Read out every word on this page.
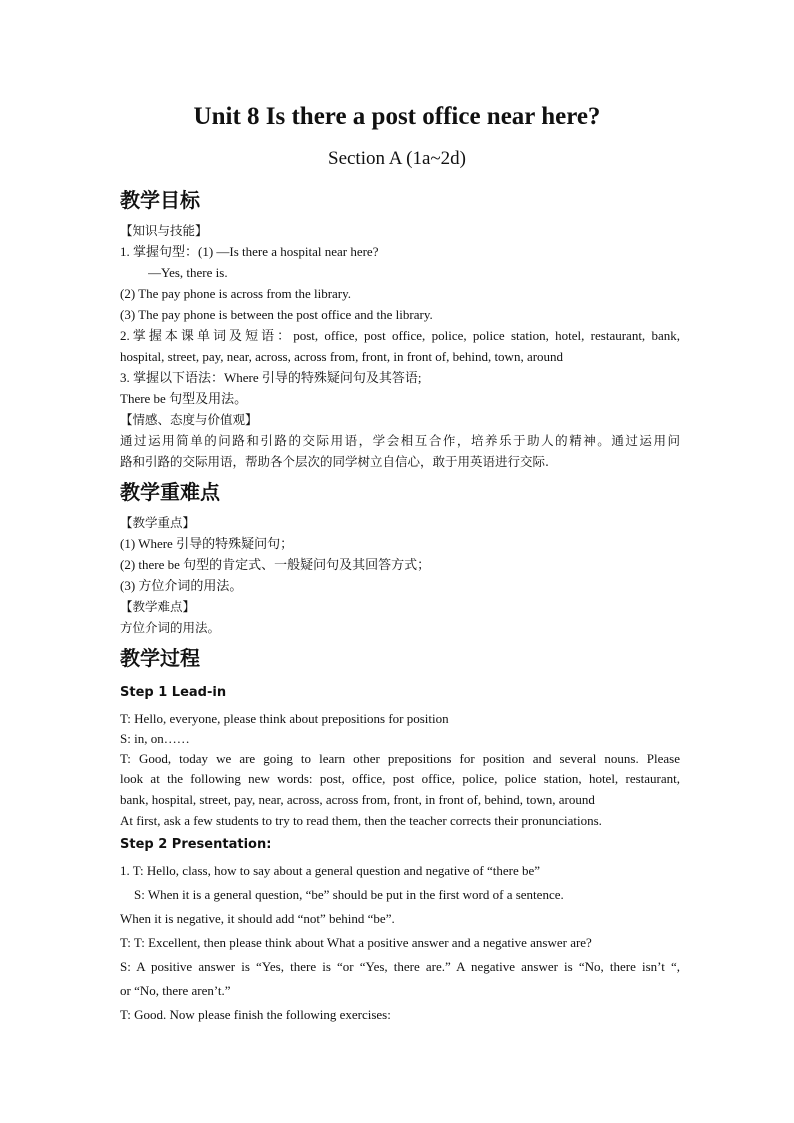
Unit 8 Is there a post office near here?
Section A (1a~2d)
教学目标
【知识与技能】
1. 掌握句型：(1) —Is there a hospital near here?
—Yes, there is.
(2) The pay phone is across from the library.
(3) The pay phone is between the post office and the library.
2.掌握本课单词及短语：post, office, post office, police, police station, hotel, restaurant, bank,
hospital, street, pay, near, across, across from, front, in front of, behind, town, around
3. 掌握以下语法：Where 引导的特殊疑问句及其答语;
There be 句型及用法。
【情感、态度与价值观】
通过运用简单的问路和引路的交际用语，学会相互合作，培养乐于助人的精神。通过运用问
路和引路的交际用语，帮助各个层次的同学树立自信心，敢于用英语进行交际.
教学重难点
【教学重点】
(1) Where 引导的特殊疑问句；
(2) there be 句型的肯定式、一般疑问句及其回答方式；
(3) 方位介词的用法。
【教学难点】
方位介词的用法。
教学过程
Step 1 Lead-in
T: Hello, everyone, please think about prepositions for position
S: in, on……
T: Good, today we are going to learn other prepositions for position and several nouns. Please
look at the following new words: post, office, post office, police, police station, hotel, restaurant,
bank, hospital, street, pay, near, across, across from, front, in front of, behind, town, around
At first, ask a few students to try to read them, then the teacher corrects their pronunciations.
Step 2 Presentation:
1. T: Hello, class, how to say about a general question and negative of “there be”
S: When it is a general question, “be” should be put in the first word of a sentence.
When it is negative, it should add “not” behind “be”.
T: T: Excellent, then please think about What a positive answer and a negative answer are?
S: A positive answer is “Yes, there is “or “Yes, there are.” A negative answer is “No, there isn’t “,
or “No, there aren’t.”
T: Good. Now please finish the following exercises:
